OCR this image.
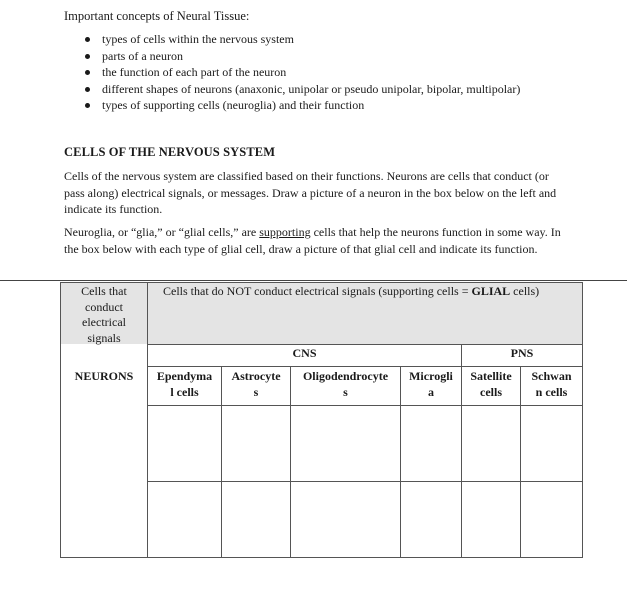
Important concepts of Neural Tissue:
types of cells within the nervous system
parts of a neuron
the function of each part of the neuron
different shapes of neurons (anaxonic, unipolar or pseudo unipolar, bipolar, multipolar)
types of supporting cells (neuroglia) and their function
CELLS OF THE NERVOUS SYSTEM
Cells of the nervous system are classified based on their functions. Neurons are cells that conduct (or pass along) electrical signals, or messages. Draw a picture of a neuron in the box below on the left and indicate its function.
Neuroglia, or “glia,” or “glial cells,” are supporting cells that help the neurons function in some way. In the box below with each type of glial cell, draw a picture of that glial cell and indicate its function.
Cells that conduct electrical signals
Cells that do NOT conduct electrical signals (supporting cells = GLIAL cells)
CNS	PNS
NEURONS	Ependyma
l cells
Astrocyte
s
Oligodendrocyte
s
Microgli
a
Satellite
cells
Schwan
n cells
